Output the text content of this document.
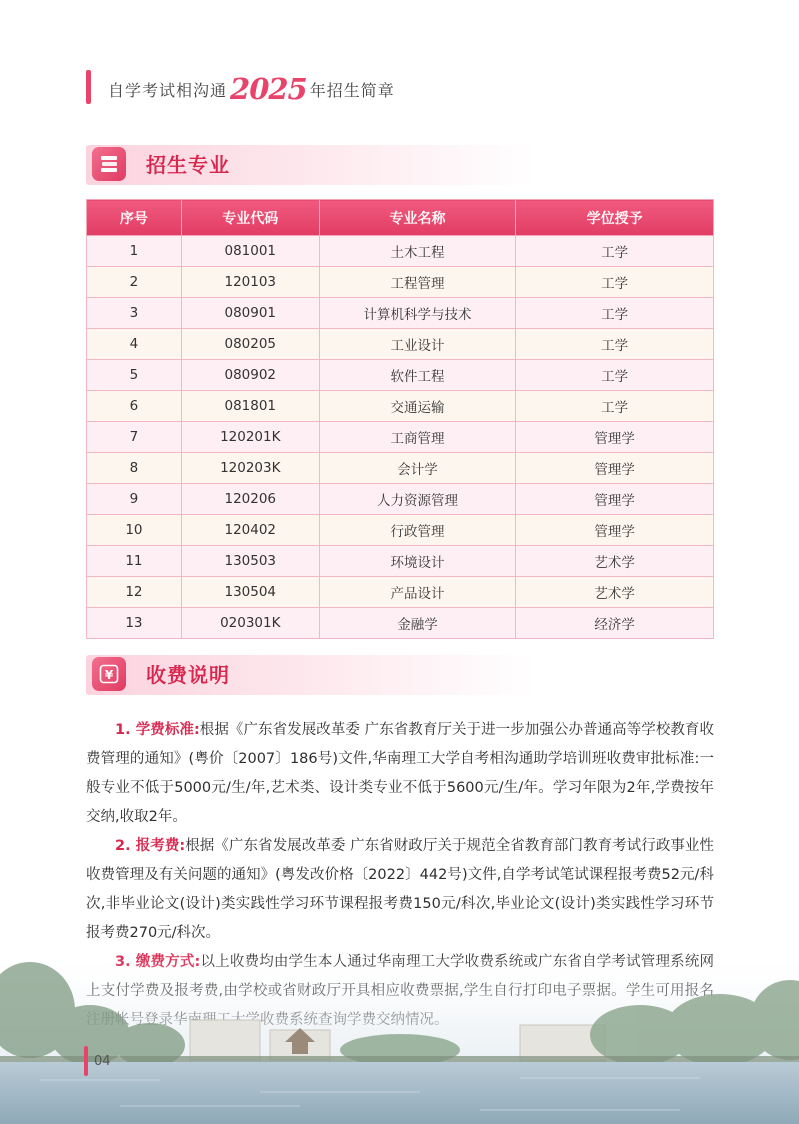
自学考试相沟通 2025 年招生简章
招生专业
序号	专业代码	专业名称	学位授予
1	081001	土木工程	工学
2	120103	工程管理	工学
3	080901	计算机科学与技术	工学
4	080205	工业设计	工学
5	080902	软件工程	工学
6	081801	交通运输	工学
7	120201K	工商管理	管理学
8	120203K	会计学	管理学
9	120206	人力资源管理	管理学
10	120402	行政管理	管理学
11	130503	环境设计	艺术学
12	130504	产品设计	艺术学
13	020301K	金融学	经济学
¥ 收费说明

1. 学费标准:根据《广东省发展改革委 广东省教育厅关于进一步加强公办普通高等学校教育收费管理的通知》(粤价〔2007〕186号)文件,华南理工大学自考相沟通助学培训班收费审批标准:一般专业不低于5000元/生/年,艺术类、设计类专业不低于5600元/生/年。学习年限为2年,学费按年交纳,收取2年。

2. 报考费:根据《广东省发展改革委 广东省财政厅关于规范全省教育部门教育考试行政事业性收费管理及有关问题的通知》(粤发改价格〔2022〕442号)文件,自学考试笔试课程报考费52元/科次,非毕业论文(设计)类实践性学习环节课程报考费150元/科次,毕业论文(设计)类实践性学习环节报考费270元/科次。

04
